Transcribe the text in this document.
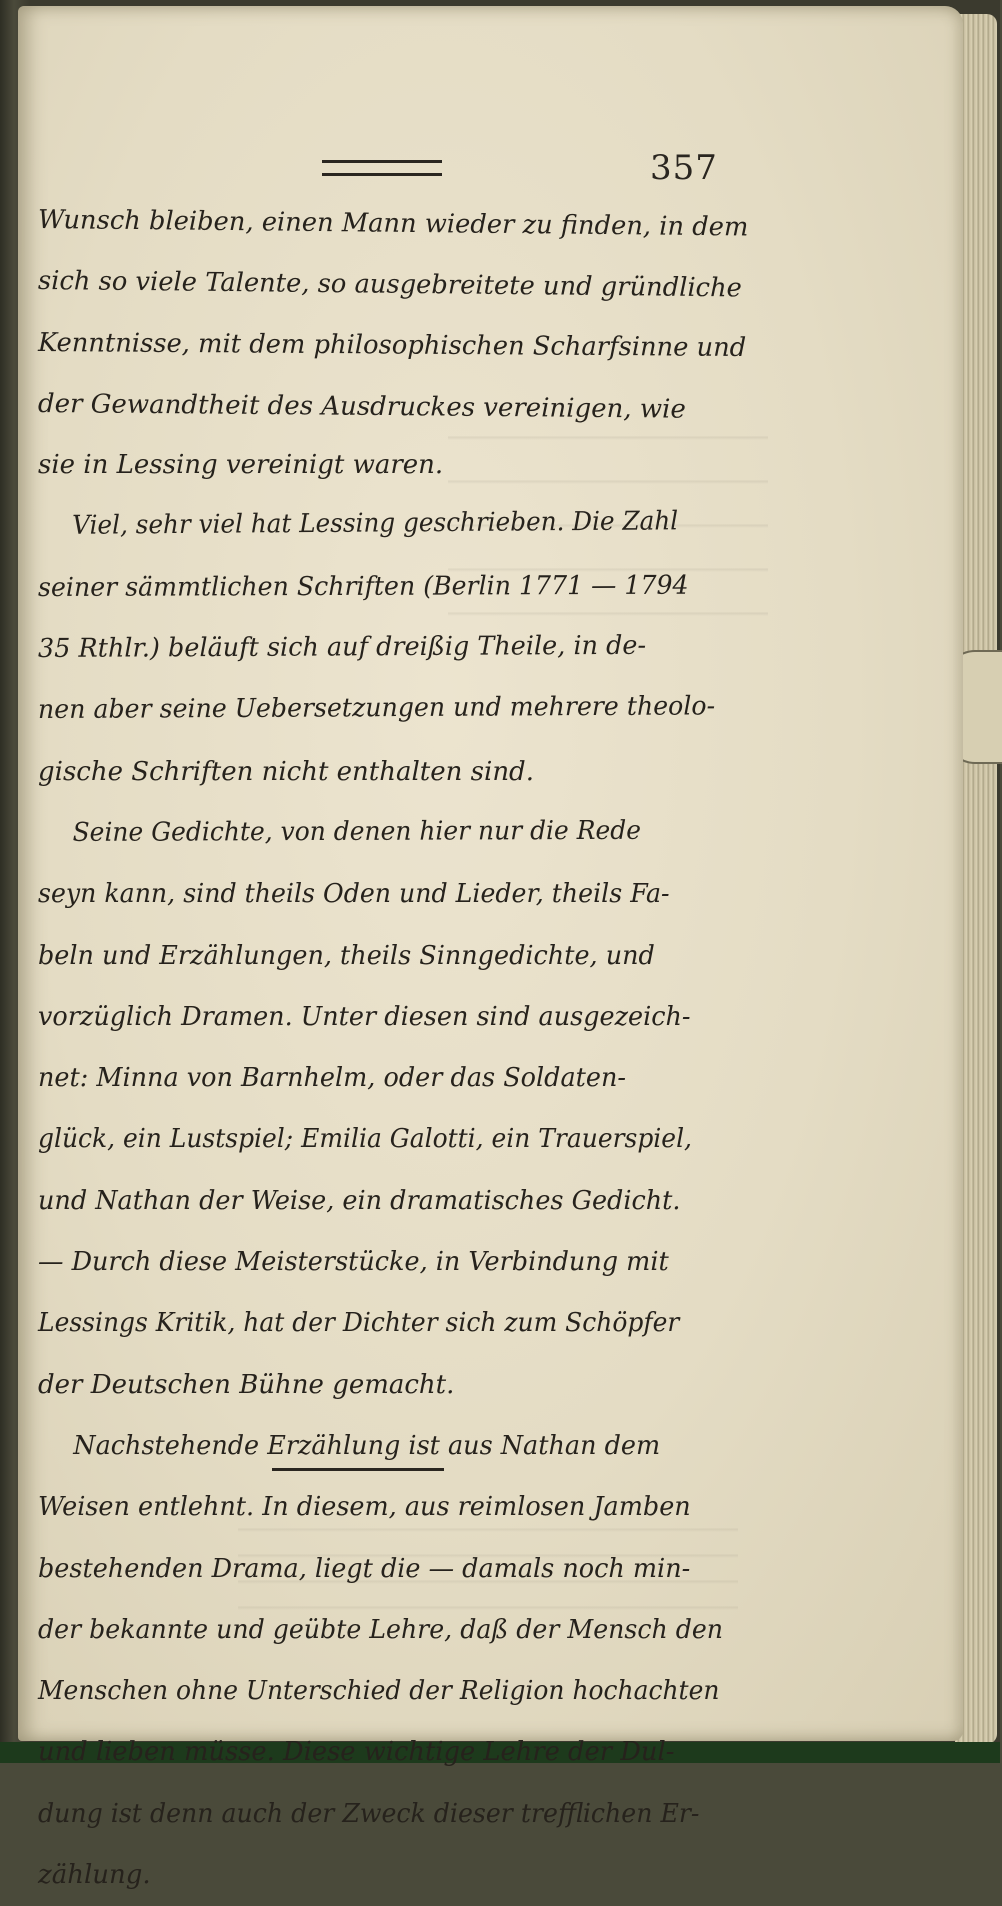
357
Wunsch bleiben, einen Mann wieder zu finden, in dem
sich so viele Talente, so ausgebreitete und gründliche
Kenntnisse, mit dem philosophischen Scharfsinne und
der Gewandtheit des Ausdruckes vereinigen, wie
sie in Lessing vereinigt waren.
Viel, sehr viel hat Lessing geschrieben. Die Zahl
seiner sämmtlichen Schriften (Berlin 1771 — 1794
35 Rthlr.) beläuft sich auf dreißig Theile, in de-
nen aber seine Uebersetzungen und mehrere theolo-
gische Schriften nicht enthalten sind.
Seine Gedichte, von denen hier nur die Rede
seyn kann, sind theils Oden und Lieder, theils Fa-
beln und Erzählungen, theils Sinngedichte, und
vorzüglich Dramen. Unter diesen sind ausgezeich-
net: Minna von Barnhelm, oder das Soldaten-
glück, ein Lustspiel; Emilia Galotti, ein Trauerspiel,
und Nathan der Weise, ein dramatisches Gedicht.
— Durch diese Meisterstücke, in Verbindung mit
Lessings Kritik, hat der Dichter sich zum Schöpfer
der Deutschen Bühne gemacht.
Nachstehende Erzählung ist aus Nathan dem
Weisen entlehnt. In diesem, aus reimlosen Jamben
bestehenden Drama, liegt die — damals noch min-
der bekannte und geübte Lehre, daß der Mensch den
Menschen ohne Unterschied der Religion hochachten
und lieben müsse. Diese wichtige Lehre der Dul-
dung ist denn auch der Zweck dieser trefflichen Er-
zählung.
